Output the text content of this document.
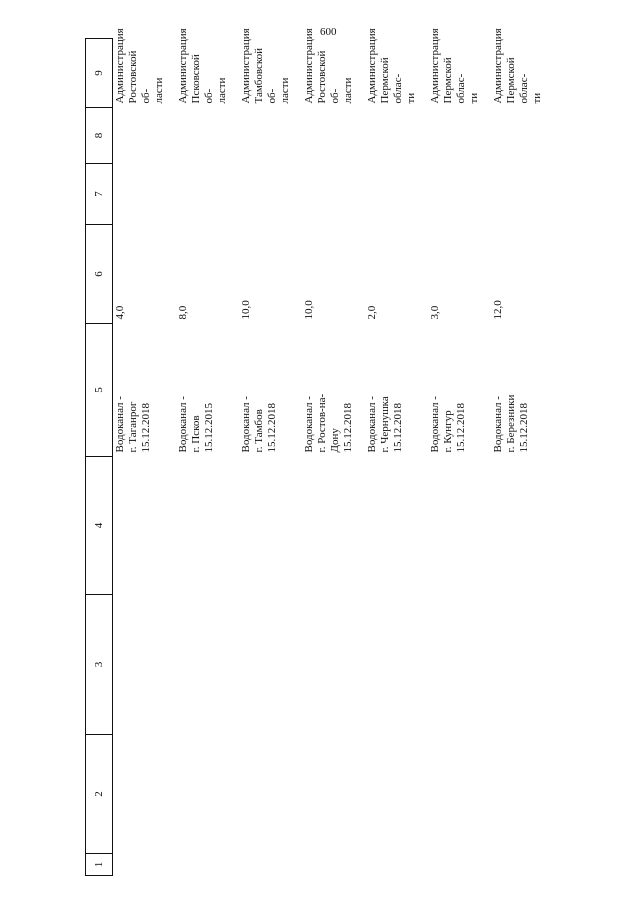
600
1	2	3	4	5	6	7	8	9
				Водоканал -
г. Таганрог
15.12.2018	4,0			Администрация
Ростовской об-
ласти
				Водоканал -
г. Псков
15.12.2015	8,0			Администрация
Псковской об-
ласти
				Водоканал -
г. Тамбов
15.12.2018	10,0			Администрация
Тамбовской об-
ласти
				Водоканал -
г. Ростов-на-
Дону
15.12.2018	10,0			Администрация
Ростовской об-
ласти
				Водоканал -
г. Чернушка
15.12.2018	2,0			Администрация
Пермской облас-
ти
				Водоканал -
г. Кунгур
15.12.2018	3,0			Администрация
Пермской облас-
ти
				Водоканал -
г. Березники
15.12.2018	12,0			Администрация
Пермской облас-
ти
